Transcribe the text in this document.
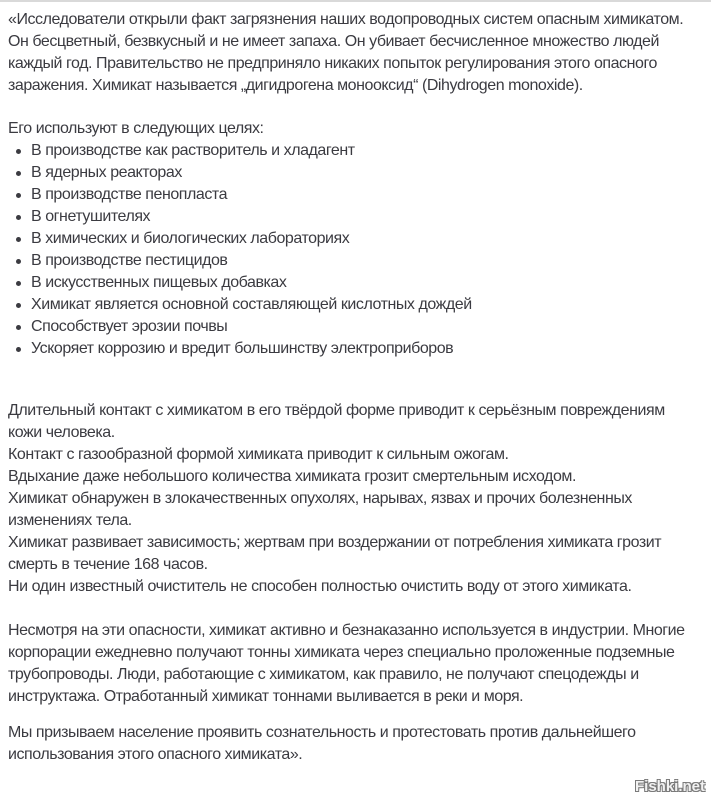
«Исследователи открыли факт загрязнения наших водопроводных систем опасным химикатом. Он бесцветный, безвкусный и не имеет запаха. Он убивает бесчисленное множество людей каждый год. Правительство не предприняло никаких попыток регулирования этого опасного заражения. Химикат называется „дигидрогена монооксид“ (Dihydrogen monoxide).

Его используют в следующих целях:

В производстве как растворитель и хладагент
В ядерных реакторах
В производстве пенопласта
В огнетушителях
В химических и биологических лабораториях
В производстве пестицидов
В искусственных пищевых добавках
Химикат является основной составляющей кислотных дождей
Способствует эрозии почвы
Ускоряет коррозию и вредит большинству электроприборов

Длительный контакт с химикатом в его твёрдой форме приводит к серьёзным повреждениям кожи человека.

Контакт с газообразной формой химиката приводит к сильным ожогам.

Вдыхание даже небольшого количества химиката грозит смертельным исходом.

Химикат обнаружен в злокачественных опухолях, нарывах, язвах и прочих болезненных изменениях тела.

Химикат развивает зависимость; жертвам при воздержании от потребления химиката грозит смерть в течение 168 часов.

Ни один известный очиститель не способен полностью очистить воду от этого химиката.

Несмотря на эти опасности, химикат активно и безнаказанно используется в индустрии. Многие корпорации ежедневно получают тонны химиката через специально проложенные подземные трубопроводы. Люди, работающие с химикатом, как правило, не получают спецодежды и инструктажа. Отработанный химикат тоннами выливается в реки и моря.

Мы призываем население проявить сознательность и протестовать против дальнейшего использования этого опасного химиката».

Fishki.net
